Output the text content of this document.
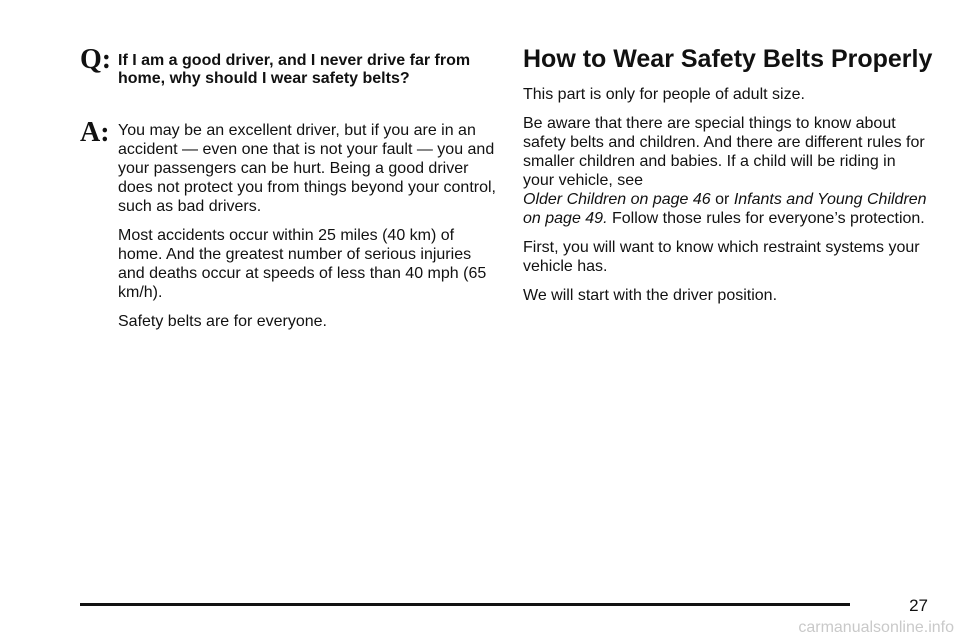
Q: If I am a good driver, and I never drive far from home, why should I wear safety belts?

A: You may be an excellent driver, but if you are in an accident — even one that is not your fault — you and your passengers can be hurt. Being a good driver does not protect you from things beyond your control, such as bad drivers.

Most accidents occur within 25 miles (40 km) of home. And the greatest number of serious injuries and deaths occur at speeds of less than 40 mph (65 km/h).

Safety belts are for everyone.

How to Wear Safety Belts Properly

This part is only for people of adult size.

Be aware that there are special things to know about safety belts and children. And there are different rules for smaller children and babies. If a child will be riding in your vehicle, see
Older Children on page 46 or Infants and Young Children on page 49. Follow those rules for everyone’s protection.

First, you will want to know which restraint systems your vehicle has.

We will start with the driver position.

27
carmanualsonline.info
